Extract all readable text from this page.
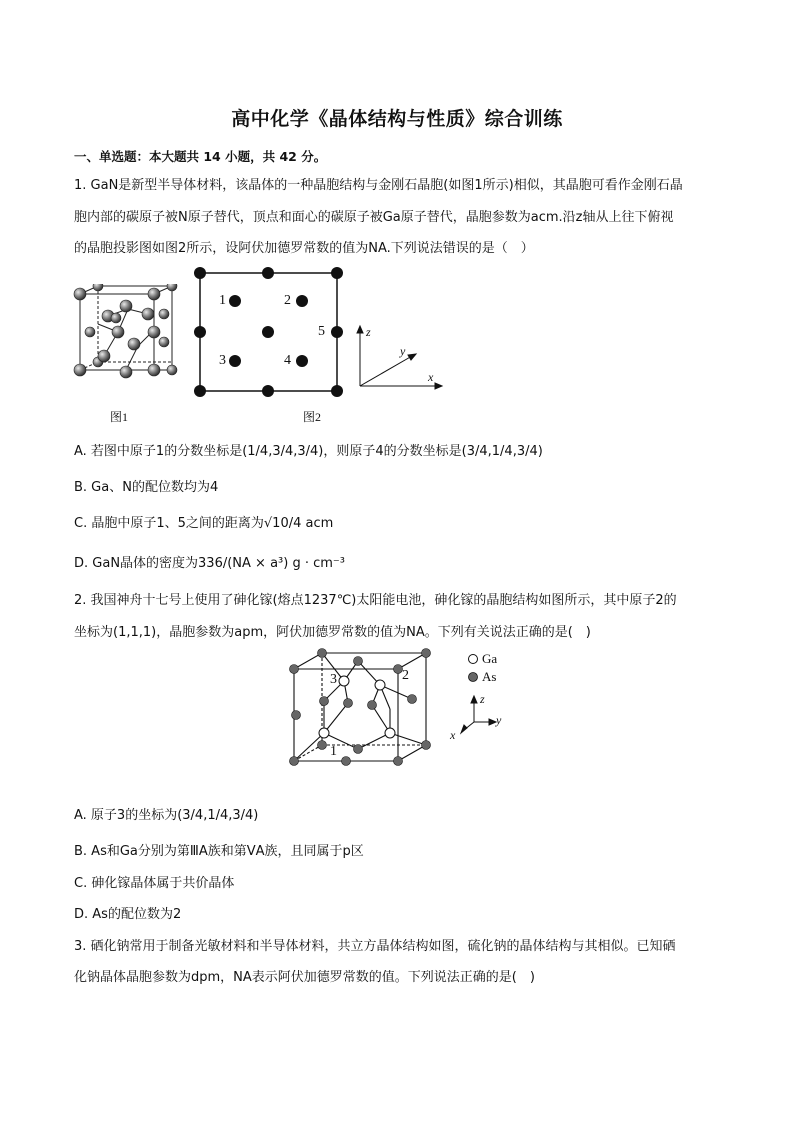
高中化学《晶体结构与性质》综合训练
一、单选题：本大题共 14 小题，共 42 分。
1. GaN是新型半导体材料，该晶体的一种晶胞结构与金刚石晶胞(如图1所示)相似，其晶胞可看作金刚石晶
胞内部的碳原子被N原子替代，顶点和面心的碳原子被Ga原子替代，晶胞参数为acm.沿z轴从上往下俯视
的晶胞投影图如图2所示，设阿伏加德罗常数的值为NA.下列说法错误的是（　）
图1
1	2
3	4
5
图2
z
y
x
A. 若图中原子1的分数坐标是(1/4,3/4,3/4)，则原子4的分数坐标是(3/4,1/4,3/4)
B. Ga、N的配位数均为4
C. 晶胞中原子1、5之间的距离为√10/4 acm
D. GaN晶体的密度为336/(NA × a³) g · cm⁻³
2. 我国神舟十七号上使用了砷化镓(熔点1237℃)太阳能电池，砷化镓的晶胞结构如图所示，其中原子2的
坐标为(1,1,1)，晶胞参数为apm，阿伏加德罗常数的值为NA。下列有关说法正确的是(　)
3	2
1
Ga
As
z
y
x
A. 原子3的坐标为(3/4,1/4,3/4)
B. As和Ga分别为第ⅢA族和第ⅤA族，且同属于p区
C. 砷化镓晶体属于共价晶体
D. As的配位数为2
3. 硒化钠常用于制备光敏材料和半导体材料，共立方晶体结构如图，硫化钠的晶体结构与其相似。已知硒
化钠晶体晶胞参数为dpm，NA表示阿伏加德罗常数的值。下列说法正确的是(　)
